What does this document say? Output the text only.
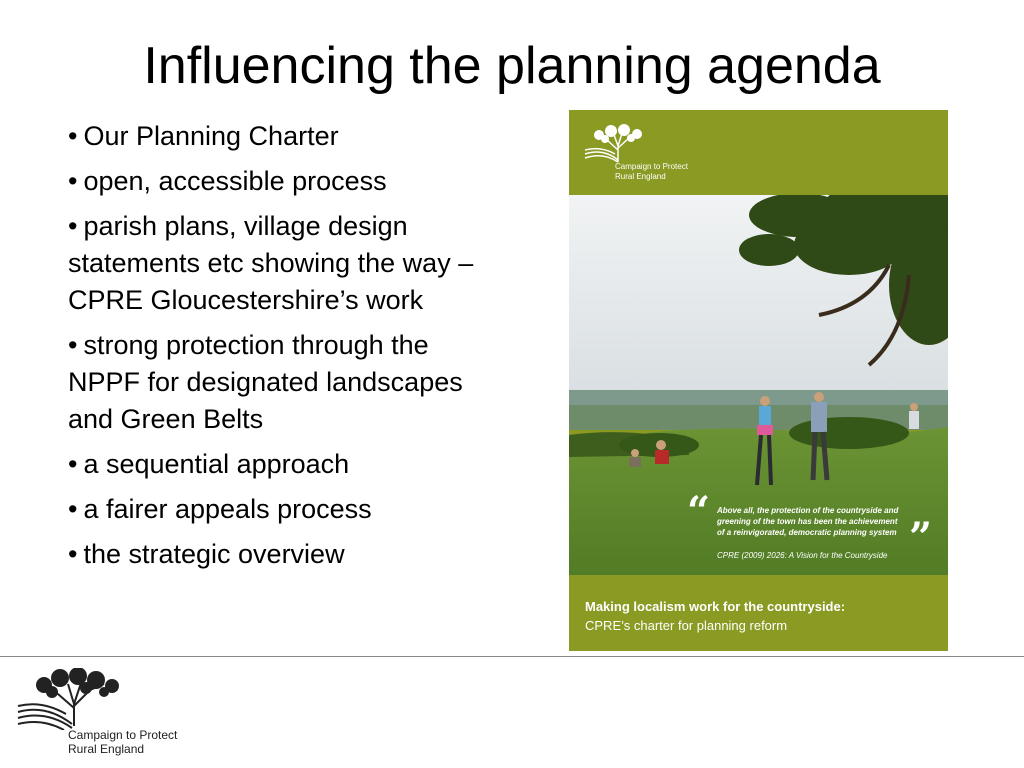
Influencing the planning agenda
• Our Planning Charter
• open, accessible process
• parish plans, village design statements etc showing the way – CPRE Gloucestershire’s work
• strong protection through the NPPF for designated landscapes and Green Belts
• a sequential approach
• a fairer appeals process
• the strategic overview
Campaign to Protect
Rural England
“ Above all, the protection of the countryside and greening of the town has been the achievement of a reinvigorated, democratic planning system
CPRE (2009) 2026: A Vision for the Countryside ”
Making localism work for the countryside:
CPRE’s charter for planning reform
Campaign to Protect
Rural England
